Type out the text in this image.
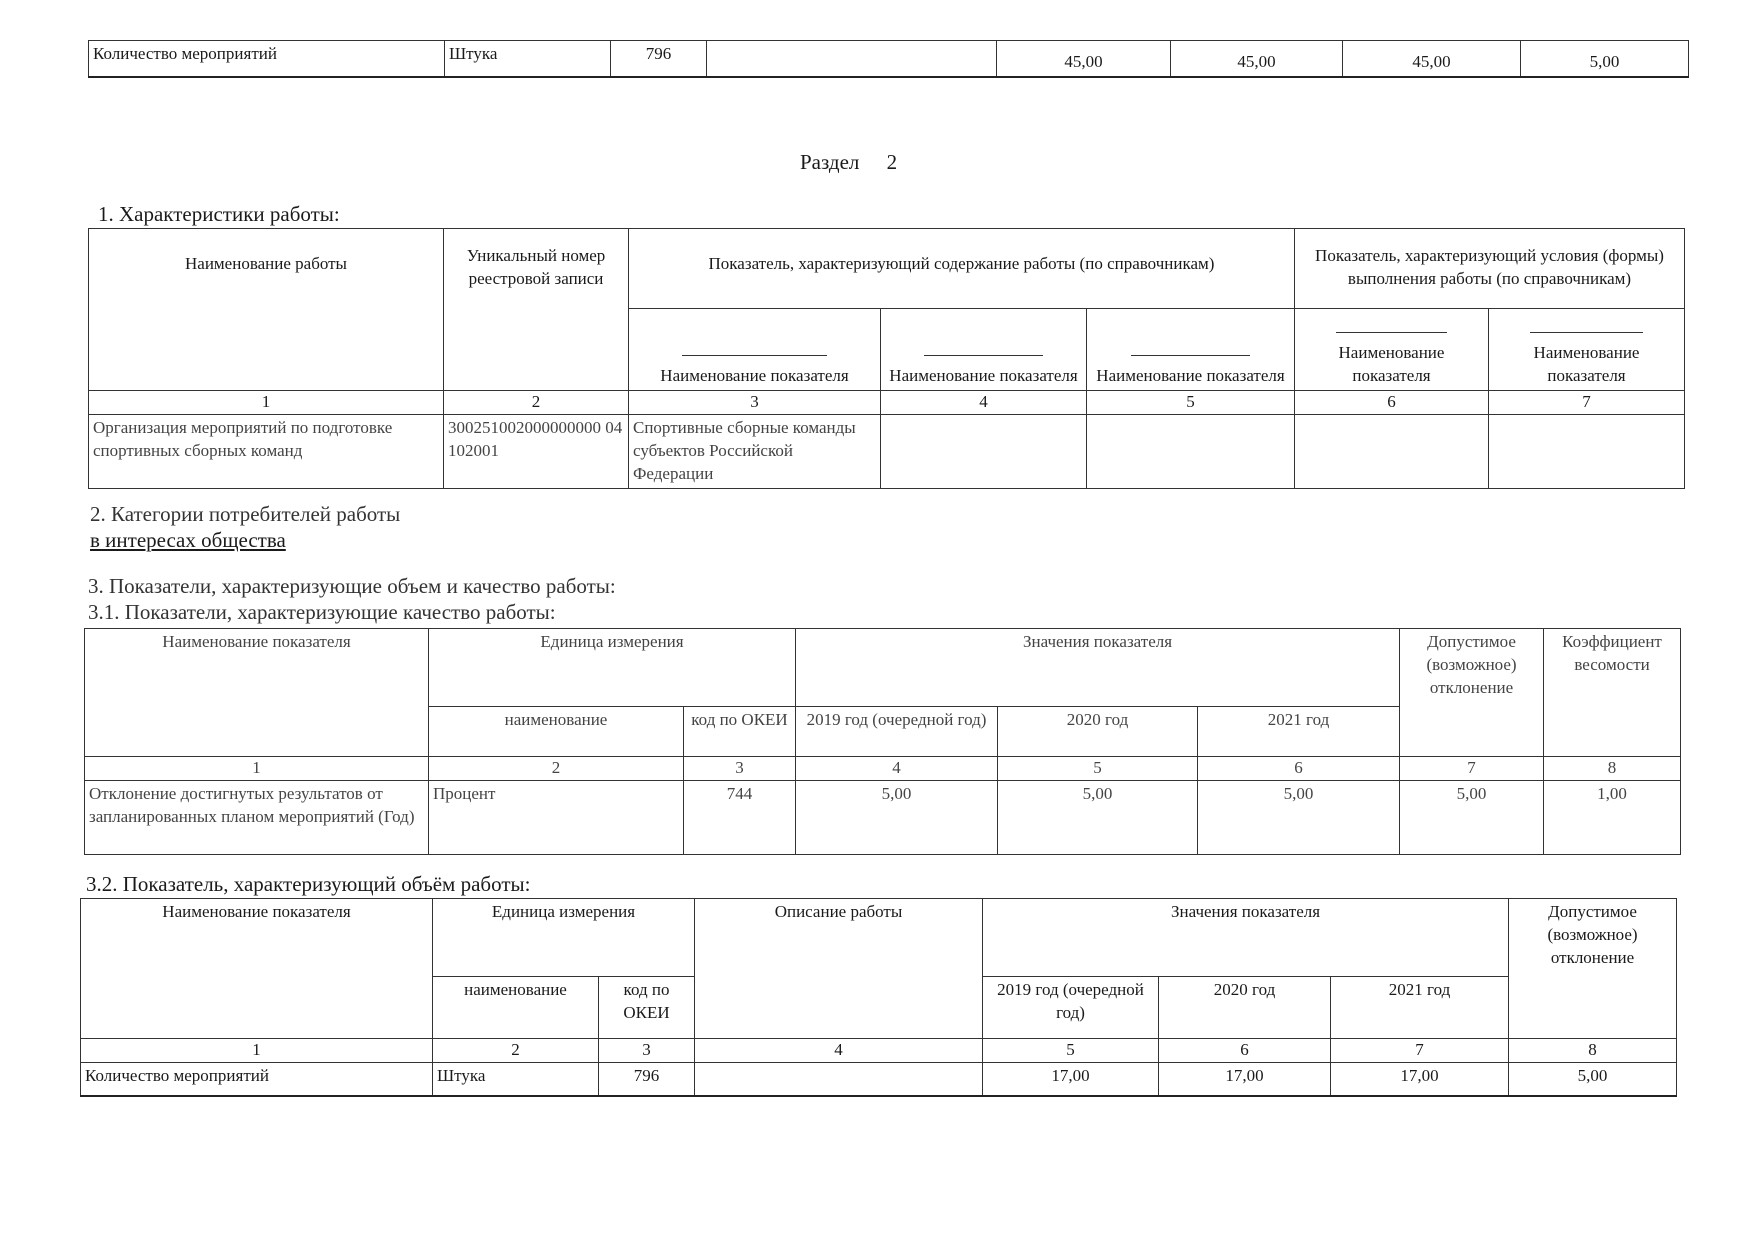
Количество мероприятий	Штука	796		45,00	45,00	45,00	5,00
Раздел 2
1. Характеристики работы:
Наименование работы	Уникальный номер реестровой записи	Показатель, характеризующий содержание работы (по справочникам)			Показатель, характеризующий условия (формы) выполнения работы (по справочникам)	

		Наименование показателя	Наименование показателя	Наименование показателя	Наименование показателя	Наименование показателя

1	2	3	4	5	6	7
Организация мероприятий по подготовке спортивных сборных команд	300251002000000000 04102001	Спортивные сборные команды субъектов Российской Федерации				
2. Категории потребителей работы
в интересах общества
3. Показатели, характеризующие объем и качество работы:
3.1. Показатели, характеризующие качество работы:
Наименование показателя	Единица измерения		Значения показателя			Допустимое (возможное) отклонение	Коэффициент весомости
	наименование	код по ОКЕИ	2019 год (очередной год)	2020 год	2021 год		
1	2	3	4	5	6	7	8
Отклонение достигнутых результатов от запланированных планом мероприятий (Год)	Процент	744	5,00	5,00	5,00	5,00	1,00
3.2. Показатель, характеризующий объём работы:
Наименование показателя	Единица измерения		Описание работы	Значения показателя			Допустимое (возможное) отклонение
	наименование	код по ОКЕИ		2019 год (очередной год)	2020 год	2021 год	
1	2	3	4	5	6	7	8
Количество мероприятий	Штука	796		17,00	17,00	17,00	5,00
